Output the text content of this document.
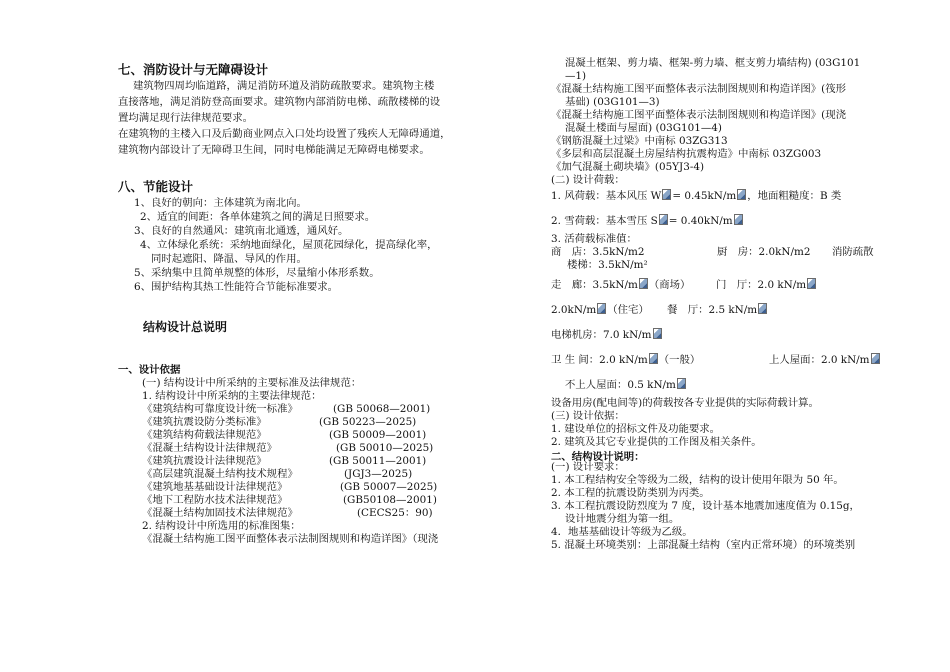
七、消防设计与无障碍设计
建筑物四周均临道路，满足消防环道及消防疏散要求。建筑物主楼
直接落地，满足消防登高面要求。建筑物内部消防电梯、疏散楼梯的设
置均满足现行法律规范要求。
在建筑物的主楼入口及后勤商业网点入口处均设置了残疾人无障碍通道，
建筑物内部设计了无障碍卫生间，同时电梯能满足无障碍电梯要求。
八、节能设计
1、良好的朝向：主体建筑为南北向。
2、适宜的间距：各单体建筑之间的满足日照要求。
3、良好的自然通风：建筑南北通透，通风好。
4、立体绿化系统：采纳地面绿化，屋顶花园绿化，提高绿化率，
同时起遮阳、降温、导风的作用。
5、采纳集中且简单规整的体形，尽量缩小体形系数。
6、围护结构其热工性能符合节能标准要求。
结构设计总说明
一、设计依据
(一) 结构设计中所采纳的主要标准及法律规范：
1. 结构设计中所采纳的主要法律规范：
《建筑结构可靠度设计统一标准》
《建筑抗震设防分类标准》
《建筑结构荷载法律规范》
《混凝土结构设计法律规范》
《建筑抗震设计法律规范》
《高层建筑混凝土结构技术规程》
《建筑地基基础设计法律规范》
《地下工程防水技术法律规范》
《混凝土结构加固技术法律规范》
2. 结构设计中所选用的标准图集：
《混凝土结构施工图平面整体表示法制图规则和构造详图》（现浇
(GB 50068—2001)
(GB 50223—2025)
(GB 50009—2001)
(GB 50010—2025)
(GB 50011—2001)
(JGJ3—2025)
(GB 50007—2025)
(GB50108—2001)
(CECS25：90)
混凝土框架、剪力墙、框架-剪力墙、框支剪力墙结构) (03G101
—1)
《混凝土结构施工图平面整体表示法制图规则和构造详图》(筏形
基础) (03G101—3)
《混凝土结构施工图平面整体表示法制图规则和构造详图》(现浇
混凝土楼面与屋面) (03G101—4)
《钢筋混凝土过梁》中南标 03ZG313
《多层和高层混凝土房屋结构抗震构造》中南标 03ZG003
《加气混凝土砌块墙》(05YJ3-4)
(二) 设计荷载：
1. 风荷载：基本风压 W = 0.45kN/m ，地面粗糙度：B 类
2. 雪荷载：基本雪压 S = 0.40kN/m
3. 活荷载标准值：
商　店：3.5kN/m2	厨　房：2.0kN/m2 消防疏散
楼梯：3.5kN/m²
走　廊：3.5kN/m （商场） 门　厅：2.0 kN/m
2.0kN/m （住宅） 餐　厅：2.5 kN/m
电梯机房：7.0 kN/m
卫 生 间：2.0 kN/m （一般）	上人屋面：2.0 kN/m
不上人屋面：0.5 kN/m
设备用房(配电间等)的荷载按各专业提供的实际荷载计算。
(三) 设计依据：
1. 建设单位的招标文件及功能要求。
2. 建筑及其它专业提供的工作图及相关条件。
二、结构设计说明：
(一) 设计要求：
1. 本工程结构安全等级为二级，结构的设计使用年限为 50 年。
2. 本工程的抗震设防类别为丙类。
3. 本工程抗震设防烈度为 7 度，设计基本地震加速度值为 0.15g，
设计地震分组为第一组。
4．地基基础设计等级为乙级。
5. 混凝土环境类别：上部混凝土结构（室内正常环境）的环境类别
